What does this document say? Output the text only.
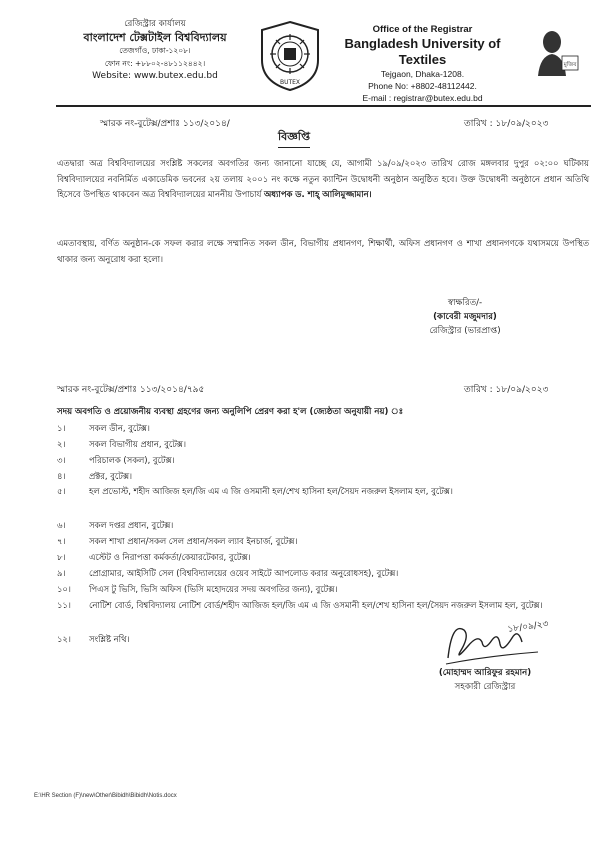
রেজিস্ট্রার কার্যালয়
বাংলাদেশ টেক্সটাইল বিশ্ববিদ্যালয়
তেজগাঁও, ঢাকা-১২০৮।
ফোন নং: +৮৮০২-৪৮১১২৪৪২।
Website: www.butex.edu.bd
BUTEX
Office of the Registrar
Bangladesh University of Textiles
Tejgaon, Dhaka-1208.
Phone No: +8802-48112442.
E-mail : registrar@butex.edu.bd
মুজিব
স্মারক নং-বুটেক্স/প্রশাঃ ১১৩/২০১৪/	তারিখ : ১৮/০৯/২০২৩
বিজ্ঞপ্তি
এতদ্বারা অত্র বিশ্ববিদ্যালয়ের সংশ্লিষ্ট সকলের অবগতির জন্য জানানো যাচ্ছে যে, আগামী ১৯/০৯/২০২৩ তারিখ রোজ মঙ্গলবার দুপুর ০২:০০ ঘটিকায় বিশ্ববিদ্যালয়ের নবনির্মিত একাডেমিক ভবনের ২য় তলায় ২০০১ নং কক্ষে নতুন ক্যান্টিন উদ্বোধনী অনুষ্ঠান অনুষ্ঠিত হবে। উক্ত উদ্বোধনী অনুষ্ঠানে প্রধান অতিথি হিসেবে উপস্থিত থাকবেন অত্র বিশ্ববিদ্যালয়ের মাননীয় উপাচার্য অধ্যাপক ড. শাহ্ আলিমুজ্জামান।
এমতাবস্থায়, বর্ণিত অনুষ্ঠান-কে সফল করার লক্ষে সম্মানিত সকল ডীন, বিভাগীয় প্রধানগণ, শিক্ষার্থী, অফিস প্রধানগণ ও শাখা প্রধানগণকে যথাসময়ে উপস্থিত থাকার জন্য অনুরোধ করা হলো।
স্বাক্ষরিত/-
(কাবেরী মজুমদার)
রেজিস্ট্রার (ভারপ্রাপ্ত)
স্মারক নং-বুটেক্স/প্রশাঃ ১১৩/২০১৪/৭৯৫	তারিখ : ১৮/০৯/২০২৩
সদয় অবগতি ও প্রয়োজনীয় ব্যবস্থা গ্রহণের জন্য অনুলিপি প্রেরণ করা হ'ল (জ্যেষ্ঠতা অনুযায়ী নয়) ঃ
১।	সকল ডীন, বুটেক্স।
২।	সকল বিভাগীয় প্রধান, বুটেক্স।
৩।	পরিচালক (সকল), বুটেক্স।
৪।	প্রক্টর, বুটেক্স।
৫।	হল প্রভোস্ট, শহীদ আজিজ হল/জি এম এ জি ওসমানী হল/শেখ হাসিনা হল/সৈয়দ নজরুল ইসলাম হল, বুটেক্স।
৬।	সকল দপ্তর প্রধান, বুটেক্স।
৭।	সকল শাখা প্রধান/সকল সেল প্রধান/সকল ল্যাব ইনচার্জ, বুটেক্স।
৮।	এস্টেট ও নিরাপত্তা কর্মকর্তা/কেয়ারটেকার, বুটেক্স।
৯।	প্রোগ্রামার, আইসিটি সেল (বিশ্ববিদ্যালয়ের ওয়েব সাইটে আপলোড করার অনুরোধসহ), বুটেক্স।
১০।	পিএস টু ভিসি, ভিসি অফিস (ভিসি মহোদয়ের সদয় অবগতির জন্য), বুটেক্স।
১১।	নোটিশ বোর্ড, বিশ্ববিদ্যালয় নোটিশ বোর্ড/শহীদ আজিজ হল/জি এম এ জি ওসমানী হল/শেখ হাসিনা হল/সৈয়দ নজরুল ইসলাম হল, বুটেক্স।
১২।	সংশ্লিষ্ট নথি।
১৮/০৯/২৩
(মোহাম্মদ আরিফুর রহমান)
সহকারী রেজিস্ট্রার
E:\HR Section (F)\new\Other\Bibidh\Bibidh\Notis.docx
